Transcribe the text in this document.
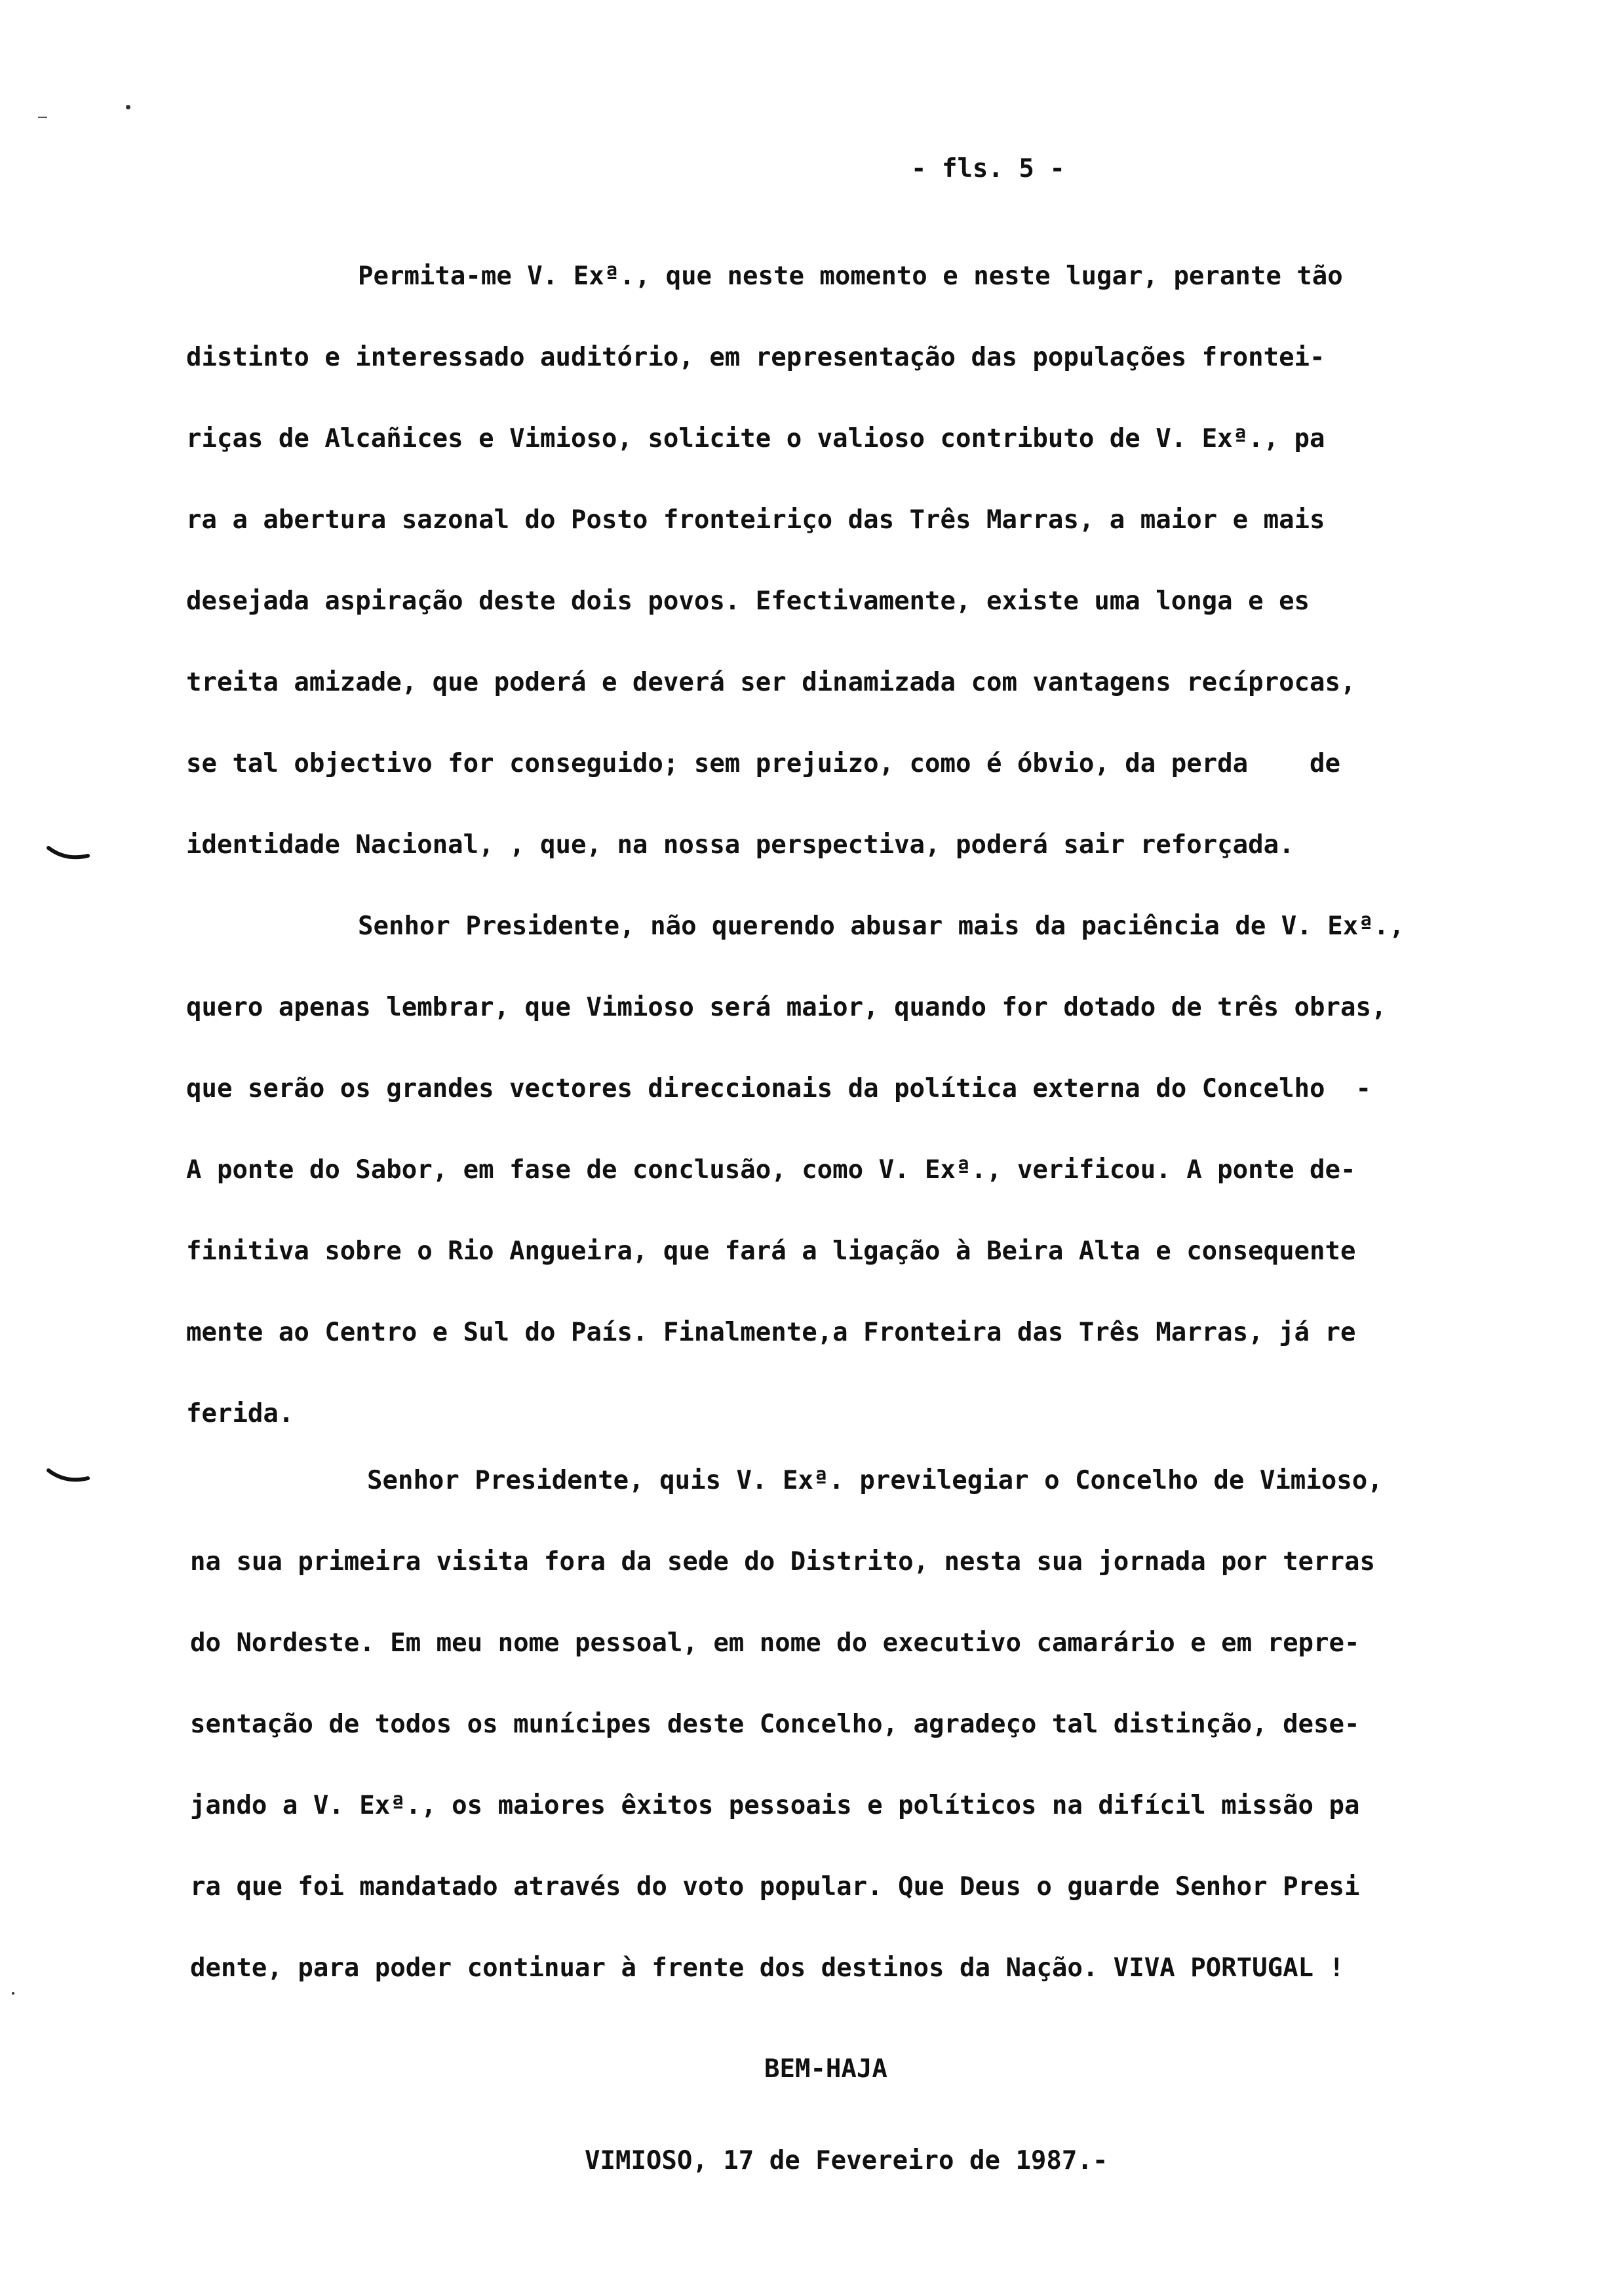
- fls. 5 -
Permita-me V. Exª., que neste momento e neste lugar, perante tão
distinto e interessado auditório, em representação das populações frontei-
riças de Alcañices e Vimioso, solicite o valioso contributo de V. Exª., pa
ra a abertura sazonal do Posto fronteiriço das Três Marras, a maior e mais
desejada aspiração deste dois povos. Efectivamente, existe uma longa e es
treita amizade, que poderá e deverá ser dinamizada com vantagens recíprocas,
se tal objectivo for conseguido; sem prejuizo, como é óbvio, da perda    de
identidade Nacional, , que, na nossa perspectiva, poderá sair reforçada.
Senhor Presidente, não querendo abusar mais da paciência de V. Exª.,
quero apenas lembrar, que Vimioso será maior, quando for dotado de três obras,
que serão os grandes vectores direccionais da política externa do Concelho  -
A ponte do Sabor, em fase de conclusão, como V. Exª., verificou. A ponte de-
finitiva sobre o Rio Angueira, que fará a ligação à Beira Alta e consequente
mente ao Centro e Sul do País. Finalmente,a Fronteira das Três Marras, já re
ferida.
Senhor Presidente, quis V. Exª. previlegiar o Concelho de Vimioso,
na sua primeira visita fora da sede do Distrito, nesta sua jornada por terras
do Nordeste. Em meu nome pessoal, em nome do executivo camarário e em repre-
sentação de todos os munícipes deste Concelho, agradeço tal distinção, dese-
jando a V. Exª., os maiores êxitos pessoais e políticos na difícil missão pa
ra que foi mandatado através do voto popular. Que Deus o guarde Senhor Presi
dente, para poder continuar à frente dos destinos da Nação. VIVA PORTUGAL !
BEM-HAJA
VIMIOSO, 17 de Fevereiro de 1987.-
